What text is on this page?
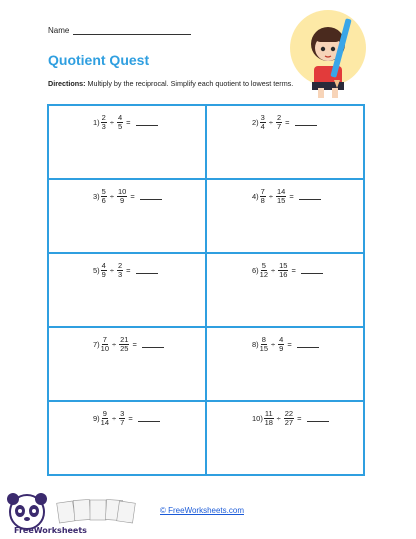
Name
Quotient Quest
Directions: Multiply by the reciprocal. Simplify each quotient to lowest terms.
$1) \frac{2}{3} \div \frac{4}{5}$ =	$2) \frac{3}{4} \div \frac{2}{7}$ =
$3) \frac{5}{6} \div \frac{10}{9}$ =	$4) \frac{7}{8} \div \frac{14}{15}$ =
$5) \frac{4}{9} \div \frac{2}{3}$ =	$6) \frac{5}{12} \div \frac{15}{16}$ =
$7) \frac{7}{10} \div \frac{21}{25}$ =	$8) \frac{8}{15} \div \frac{4}{9}$ =
$9) \frac{9}{14} \div \frac{3}{7}$ =	$10) \frac{11}{18} \div \frac{22}{27}$ =
FreeWorksheets
© FreeWorksheets.com
